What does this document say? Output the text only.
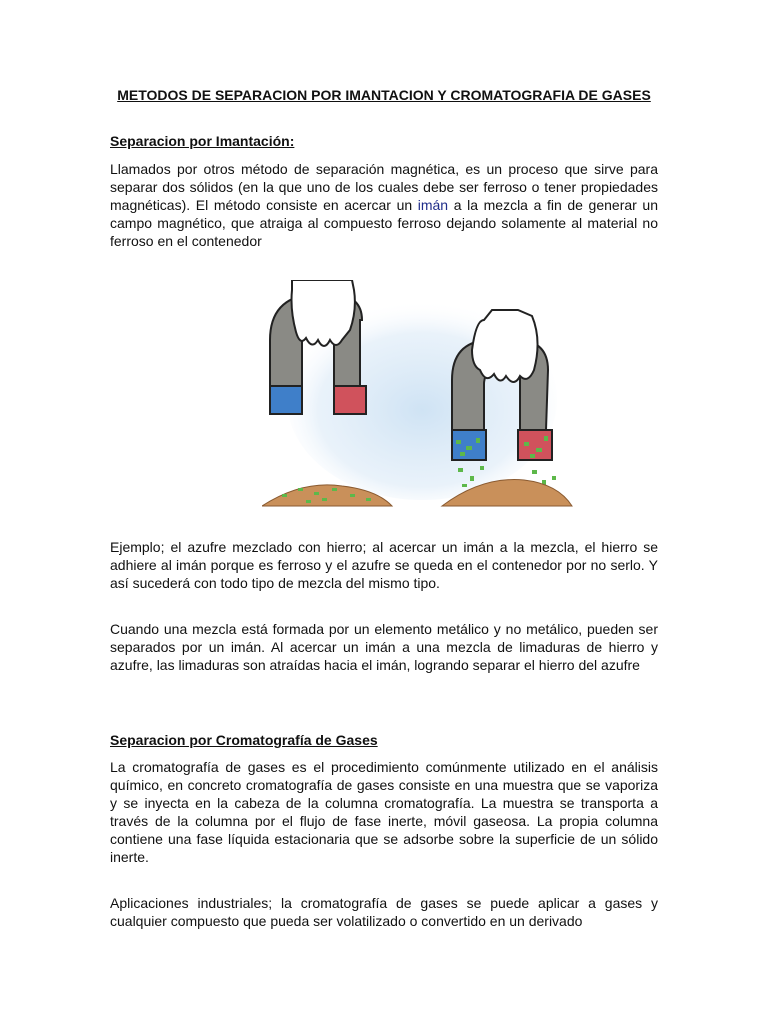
METODOS DE SEPARACION POR IMANTACION Y CROMATOGRAFIA DE GASES
Separacion por Imantación:
Llamados por otros método de separación magnética, es un proceso que sirve para separar dos sólidos (en la que uno de los cuales debe ser ferroso o tener propiedades magnéticas). El método consiste en acercar un imán a la mezcla a fin de generar un campo magnético, que atraiga al compuesto ferroso dejando solamente al material no ferroso en el contenedor
Ejemplo; el azufre mezclado con hierro; al acercar un imán a la mezcla, el hierro se adhiere al imán porque es ferroso y el azufre se queda en el contenedor por no serlo. Y así sucederá con todo tipo de mezcla del mismo tipo.
Cuando una mezcla está formada por un elemento metálico y no metálico, pueden ser separados por un imán. Al acercar un imán a una mezcla de limaduras de hierro y azufre, las limaduras son atraídas hacia el imán, logrando separar el hierro del azufre
Separacion por Cromatografía de Gases
La cromatografía de gases es el procedimiento comúnmente utilizado en el análisis químico, en concreto cromatografía de gases consiste en una muestra que se vaporiza y se inyecta en la cabeza de la columna cromatografía. La muestra se transporta a través de la columna por el flujo de fase inerte, móvil gaseosa. La propia columna contiene una fase líquida estacionaria que se adsorbe sobre la superficie de un sólido inerte.
Aplicaciones industriales; la cromatografía de gases se puede aplicar a gases y cualquier compuesto que pueda ser volatilizado o convertido en un derivado
